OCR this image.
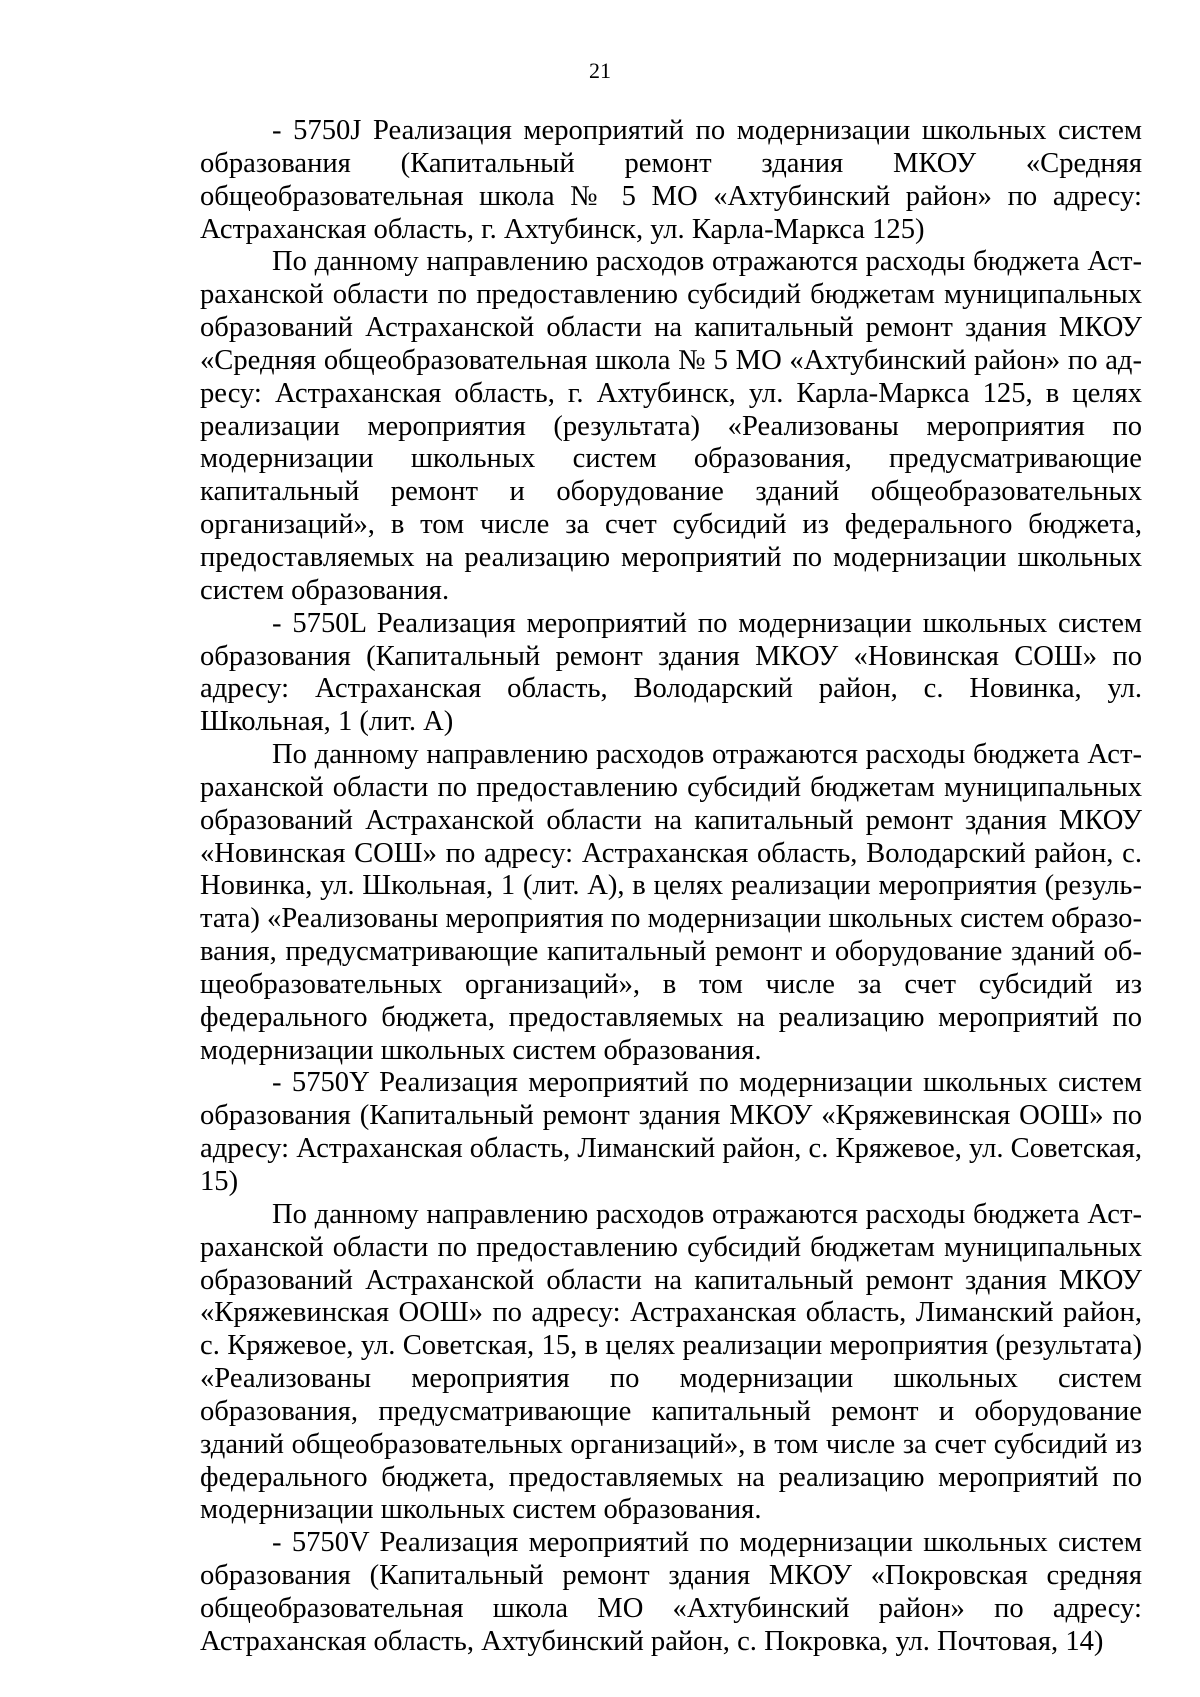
21

- 5750J Реализация мероприятий по модернизации школьных систем образования (Капитальный ремонт здания МКОУ «Средняя общеобразовательная школа № 5 МО «Ахтубинский район» по адресу: Астраханская область, г. Ахтубинск, ул. Карла-Маркса 125)

По данному направлению расходов отражаются расходы бюджета Астраханской области по предоставлению субсидий бюджетам муниципальных образований Астраханской области на капитальный ремонт здания МКОУ «Средняя общеобразовательная школа № 5 МО «Ахтубинский район» по адресу: Астраханская область, г. Ахтубинск, ул. Карла-Маркса 125, в целях реализации мероприятия (результата) «Реализованы мероприятия по модернизации школьных систем образования, предусматривающие капитальный ремонт и оборудование зданий общеобразовательных организаций», в том числе за счет субсидий из федерального бюджета, предоставляемых на реализацию мероприятий по модернизации школьных систем образования.

- 5750L Реализация мероприятий по модернизации школьных систем образования (Капитальный ремонт здания МКОУ «Новинская СОШ» по адресу: Астраханская область, Володарский район, с. Новинка, ул. Школьная, 1 (лит. А)

По данному направлению расходов отражаются расходы бюджета Астраханской области по предоставлению субсидий бюджетам муниципальных образований Астраханской области на капитальный ремонт здания МКОУ «Новинская СОШ» по адресу: Астраханская область, Володарский район, с. Новинка, ул. Школьная, 1 (лит. А), в целях реализации мероприятия (результата) «Реализованы мероприятия по модернизации школьных систем образования, предусматривающие капитальный ремонт и оборудование зданий общеобразовательных организаций», в том числе за счет субсидий из федерального бюджета, предоставляемых на реализацию мероприятий по модернизации школьных систем образования.

- 5750Y Реализация мероприятий по модернизации школьных систем образования (Капитальный ремонт здания МКОУ «Кряжевинская ООШ» по адресу: Астраханская область, Лиманский район, с. Кряжевое, ул. Советская, 15)

По данному направлению расходов отражаются расходы бюджета Астраханской области по предоставлению субсидий бюджетам муниципальных образований Астраханской области на капитальный ремонт здания МКОУ «Кряжевинская ООШ» по адресу: Астраханская область, Лиманский район, с. Кряжевое, ул. Советская, 15, в целях реализации мероприятия (результата) «Реализованы мероприятия по модернизации школьных систем образования, предусматривающие капитальный ремонт и оборудование зданий общеобразовательных организаций», в том числе за счет субсидий из федерального бюджета, предоставляемых на реализацию мероприятий по модернизации школьных систем образования.

- 5750V Реализация мероприятий по модернизации школьных систем образования (Капитальный ремонт здания МКОУ «Покровская средняя общеобразовательная школа МО «Ахтубинский район» по адресу: Астраханская область, Ахтубинский район, с. Покровка, ул. Почтовая, 14)
